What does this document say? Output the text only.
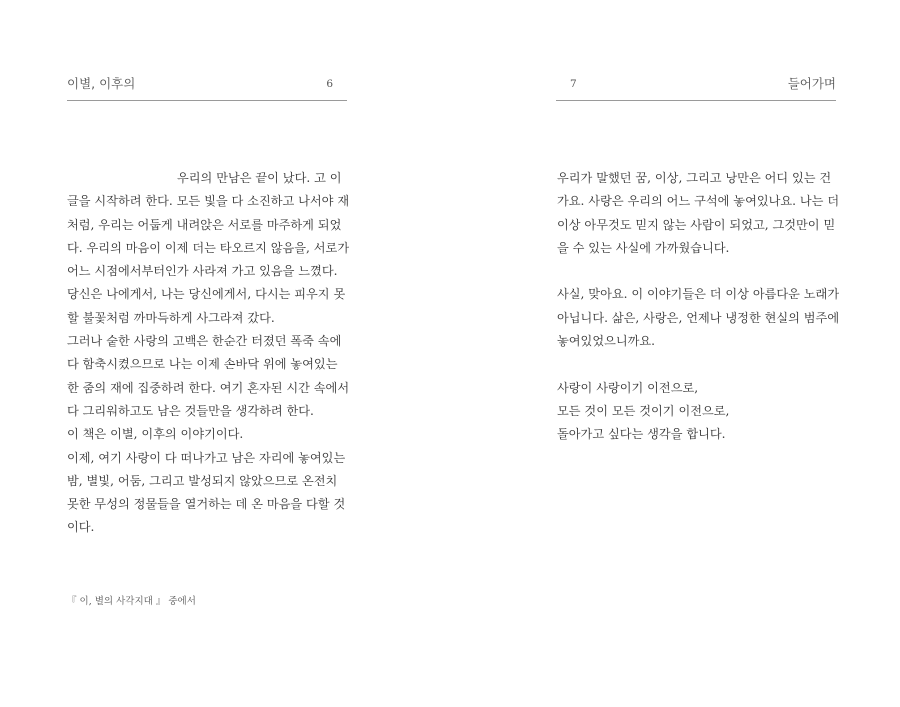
이별, 이후의	6
우리의 만남은 끝이 났다. 고 이
글을 시작하려 한다. 모든 빛을 다 소진하고 나서야 재
처럼, 우리는 어둡게 내려앉은 서로를 마주하게 되었
다. 우리의 마음이 이제 더는 타오르지 않음을, 서로가
어느 시점에서부터인가 사라져 가고 있음을 느꼈다.
당신은 나에게서, 나는 당신에게서, 다시는 피우지 못
할 불꽃처럼 까마득하게 사그라져 갔다.
그러나 숱한 사랑의 고백은 한순간 터졌던 폭죽 속에
다 함축시켰으므로 나는 이제 손바닥 위에 놓여있는
한 줌의 재에 집중하려 한다. 여기 혼자된 시간 속에서
다 그리워하고도 남은 것들만을 생각하려 한다.
이 책은 이별, 이후의 이야기이다.
이제, 여기 사랑이 다 떠나가고 남은 자리에 놓여있는
밤, 별빛, 어둠, 그리고 발성되지 않았으므로 온전치
못한 무성의 정물들을 열거하는 데 온 마음을 다할 것
이다.
『 이, 별의 사각지대 』 중에서
7	들어가며
우리가 말했던 꿈, 이상, 그리고 낭만은 어디 있는 건
가요. 사랑은 우리의 어느 구석에 놓여있나요. 나는 더
이상 아무것도 믿지 않는 사람이 되었고, 그것만이 믿
을 수 있는 사실에 가까웠습니다.
사실, 맞아요. 이 이야기들은 더 이상 아름다운 노래가
아닙니다. 삶은, 사랑은, 언제나 냉정한 현실의 범주에
놓여있었으니까요.
사랑이 사랑이기 이전으로,
모든 것이 모든 것이기 이전으로,
돌아가고 싶다는 생각을 합니다.
